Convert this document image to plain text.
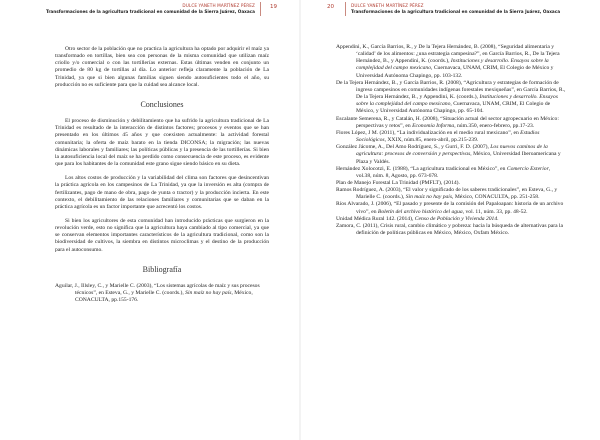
DULCE YANETH MARTÍNEZ PÉREZ
Transformaciones de la agricultura tradicional en comunidad de la Sierra Juárez, Oaxaca
19

Otro sector de la población que no practica la agricultura ha optado por adquirir el maíz ya transformado en tortillas, bien sea con personas de la misma comunidad que utilizan maíz criollo y/o comercial o con las tortillerías externas. Estas últimas venden en conjunto un promedio de 80 kg de tortillas al día. Lo anterior refleja claramente la población de La Trinidad, ya que si bien algunas familias siguen siendo autosuficientes todo el año, su producción no es suficiente para que la cuidad sea alcance local.

Conclusiones

El proceso de disminución y debilitamiento que ha sufrido la agricultura tradicional de La Trinidad es resultado de la interacción de distintos factores; procesos y eventos que se han presentado en los últimos 45 años y que coexisten actualmente: la actividad forestal comunitaria; la oferta de maíz barato en la tienda DICONSA; la migración; las nuevas dinámicas laborales y familiares; las políticas públicas y la presencia de las tortillerías. Si bien la autosuficiencia local del maíz se ha perdido como consecuencia de este proceso, es evidente que para los habitantes de la comunidad este grano sigue siendo básico en su dieta.

Los altos costos de producción y la variabilidad del clima son factores que desincentivan la práctica agrícola en los campesinos de La Trinidad, ya que la inversión es alta (compra de fertilizantes, pago de mano de obra, pago de yunta o tractor) y la producción incierta. En este contexto, el debilitamiento de las relaciones familiares y comunitarias que se daban en la práctica agrícola es un factor importante que acrecentó los costos.

Si bien los agricultores de esta comunidad han introducido prácticas que surgieron en la revolución verde, esto no significa que la agricultura haya cambiado al tipo comercial, ya que se conservan elementos importantes característicos de la agricultura tradicional, como son la biodiversidad de cultivos, la siembra en distintos microclimas y el destino de la producción para el autoconsumo.

Bibliografía

Aguilar, J., Illsley, C., y Marielle C. (2003), “Los sistemas agrícolas de maíz y sus procesos técnicos”, en Esteva, G., y Marielle C. (coords.), Sin maíz no hay país, México, CONACULTA, pp.155-176.

20	DULCE YANETH MARTÍNEZ PÉREZ
Transformaciones de la agricultura tradicional en comunidad de la Sierra Juárez, Oaxaca

Appendini, K., García Barrios, R., y De la Tejera Hernández, B. (2008), “Seguridad alimentaria y ‘calidad’ de los alimentos: ¿una estrategia campesina?”, en García Barrios, R., De la Tejera Hernández, B., y Appendini, K. (coords.), Instituciones y desarrollo. Ensayos sobre la complejidad del campo mexicano, Cuernavaca, UNAM, CRIM, El Colegio de México y Universidad Autónoma Chapingo, pp. 103-132.

De la Tejera Hernández, B., y García Barrios, R. (2008), “Agricultura y estrategias de formación de ingreso campesinos en comunidades indígenas forestales mexiqueñas”, en García Barrios, R., De la Tejera Hernández, B., y Appendini, K. (coords.), Instituciones y desarrollo. Ensayos sobre la complejidad del campo mexicano, Cuernavaca, UNAM, CRIM, El Colegio de México, y Universidad Autónoma Chapingo, pp. 65-104.

Escalante Semerena, R., y Catalán, H. (2008), “Situación actual del sector agropecuario en México: perspectivas y retos”, en Economía Informa, núm.350, enero-febrero, pp.17-23.

Flores López, J M. (2011), “La individualización en el medio rural mexicano”, en Estudios Sociológicos, XXIX, núm.85, enero-abril, pp.215-239.

González Jácome, A., Del Amo Rodríguez, S., y Gurri, F. D. (2007), Los nuevos caminos de la agricultura: procesos de conversión y perspectivas, México, Universidad Iberoamericana y Plaza y Valdés.

Hernández Xolocotzi, E. (1988), “La agricultura tradicional en México”, en Comercio Exterior, vol.38, núm. 8, Agosto, pp. 673-678.

Plan de Manejo Forestal La Trinidad (PMFLT), (2014).

Ramos Rodríguez, A. (2003), “El valor y significado de los saberes tradicionales”, en Esteva, G., y Marielle C. (coords.), Sin maíz no hay país, México, CONACULTA, pp. 251-258.

Ríos Alvarado, J. (2006), “El pasado y presente de la comisión del Papaloapan: historia de un archivo vivo”, en Boletín del archivo histórico del agua, vol. 11, núm. 33, pp. 48-52.

Unidad Médica Rural 142. (2014), Censo de Población y Vivienda 2014.

Zamora, C. (2011), Crisis rural, cambio climático y pobreza: hacia la búsqueda de alternativas para la definición de políticas públicas en México, México, Oxfam México.
